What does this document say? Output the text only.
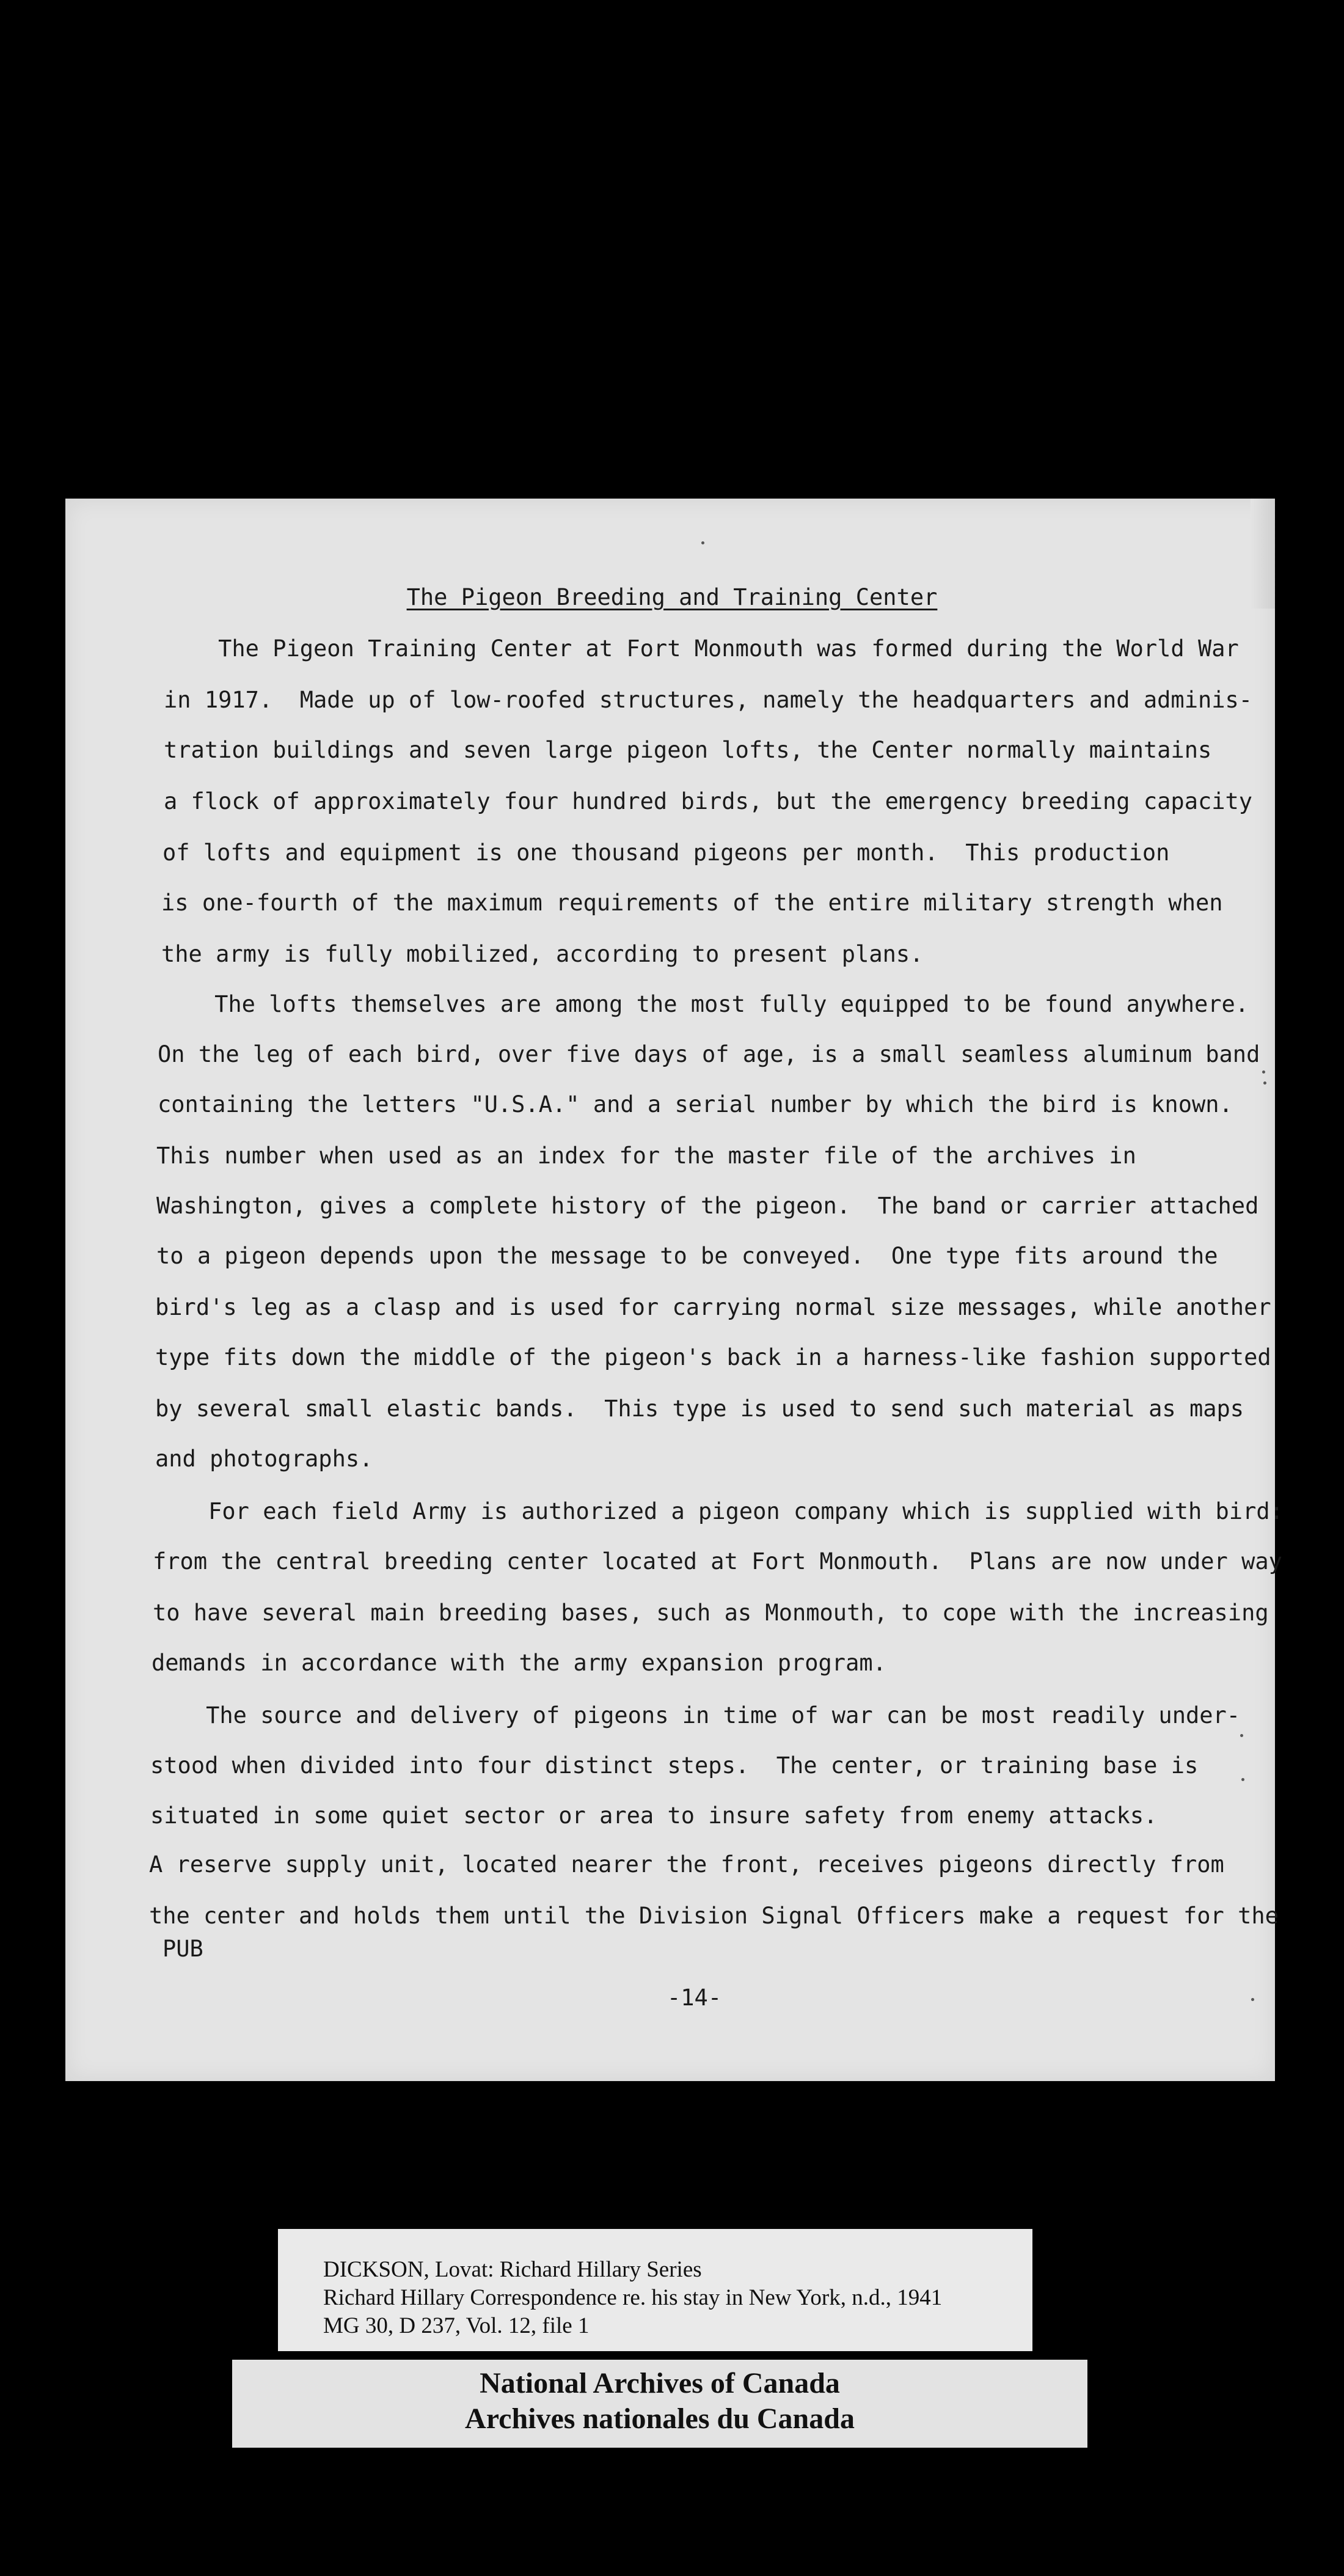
The Pigeon Breeding and Training Center

The Pigeon Training Center at Fort Monmouth was formed during the World War

in 1917.  Made up of low-roofed structures, namely the headquarters and adminis-

tration buildings and seven large pigeon lofts, the Center normally maintains

a flock of approximately four hundred birds, but the emergency breeding capacity

of lofts and equipment is one thousand pigeons per month.  This production

is one-fourth of the maximum requirements of the entire military strength when

the army is fully mobilized, according to present plans.

The lofts themselves are among the most fully equipped to be found anywhere.

On the leg of each bird, over five days of age, is a small seamless aluminum band

containing the letters "U.S.A." and a serial number by which the bird is known.

This number when used as an index for the master file of the archives in

Washington, gives a complete history of the pigeon.  The band or carrier attached

to a pigeon depends upon the message to be conveyed.  One type fits around the

bird's leg as a clasp and is used for carrying normal size messages, while another

type fits down the middle of the pigeon's back in a harness-like fashion supported

by several small elastic bands.  This type is used to send such material as maps

and photographs.

For each field Army is authorized a pigeon company which is supplied with bird:

from the central breeding center located at Fort Monmouth.  Plans are now under way

to have several main breeding bases, such as Monmouth, to cope with the increasing

demands in accordance with the army expansion program.

The source and delivery of pigeons in time of war can be most readily under-

stood when divided into four distinct steps.  The center, or training base is

situated in some quiet sector or area to insure safety from enemy attacks.

A reserve supply unit, located nearer the front, receives pigeons directly from

the center and holds them until the Division Signal Officers make a request for the

PUB

-14-

DICKSON, Lovat: Richard Hillary Series
Richard Hillary Correspondence re. his stay in New York, n.d., 1941
MG 30, D 237, Vol. 12, file 1
National Archives of Canada
Archives nationales du Canada
